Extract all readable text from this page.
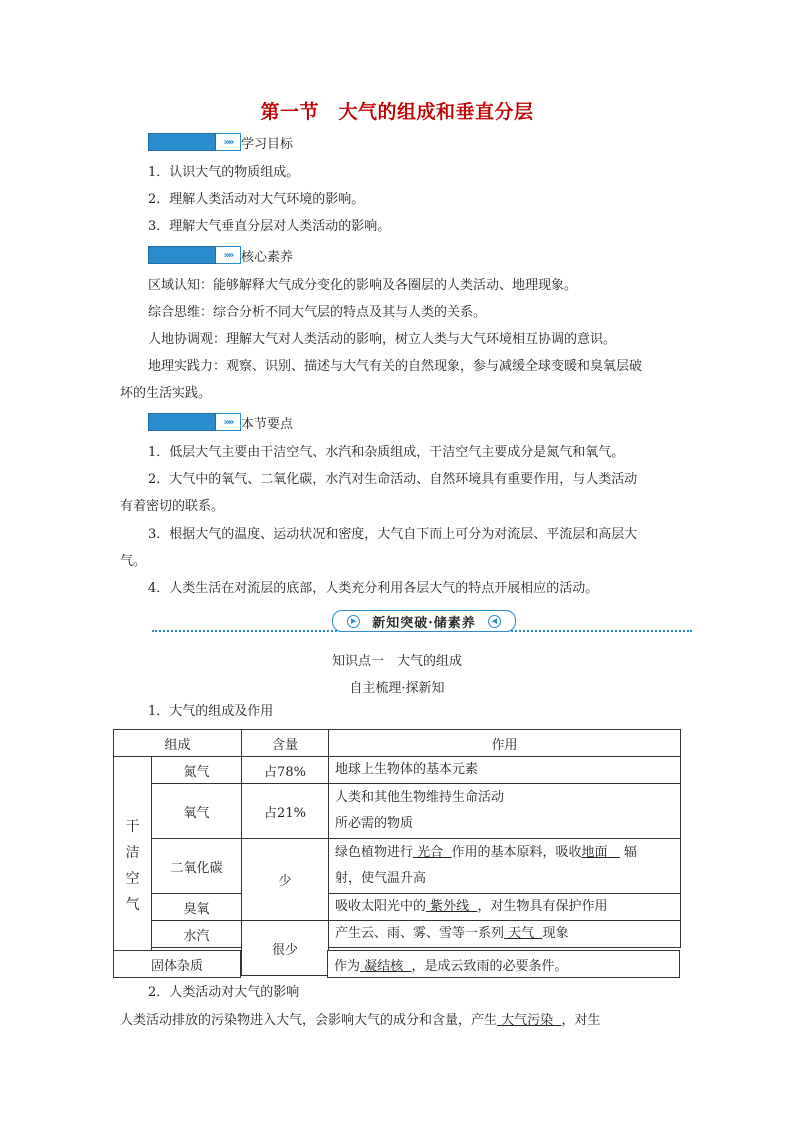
第一节　大气的组成和垂直分层
»» 学习目标
1．认识大气的物质组成。
2．理解人类活动对大气环境的影响。
3．理解大气垂直分层对人类活动的影响。
»» 核心素养
区域认知：能够解释大气成分变化的影响及各圈层的人类活动、地理现象。
综合思维：综合分析不同大气层的特点及其与人类的关系。
人地协调观：理解大气对人类活动的影响，树立人类与大气环境相互协调的意识。
地理实践力：观察、识别、描述与大气有关的自然现象，参与减缓全球变暖和臭氧层破
坏的生活实践。
»» 本节要点
1．低层大气主要由干洁空气、水汽和杂质组成，干洁空气主要成分是氮气和氧气。
2．大气中的氧气、二氧化碳，水汽对生命活动、自然环境具有重要作用，与人类活动
有着密切的联系。
3．根据大气的温度、运动状况和密度，大气自下而上可分为对流层、平流层和高层大
气。
4．人类生活在对流层的底部，人类充分利用各层大气的特点开展相应的活动。
▶ 新知突破·储素养	◀
知识点一　大气的组成
自主梳理·探新知
1．大气的组成及作用
组成		含量	作用

干
洁
空
气	氮气	占78%	地球上生物体的基本元素
	氧气	占21%	人类和其他生物维持生命活动
所必需的物质

	二氧化碳	少	绿色植物进行 光合 作用的基本原料，吸收地面 辐
射，使气温升高

	臭氧		吸收太阳光中的 紫外线 ，对生物具有保护作用
	水汽	很少	产生云、雨、雾、雪等一系列 天气 现象

固体杂质	作为 凝结核 ，是成云致雨的必要条件。
2．人类活动对大气的影响
人类活动排放的污染物进入大气，会影响大气的成分和含量，产生 大气污染 ，对生
